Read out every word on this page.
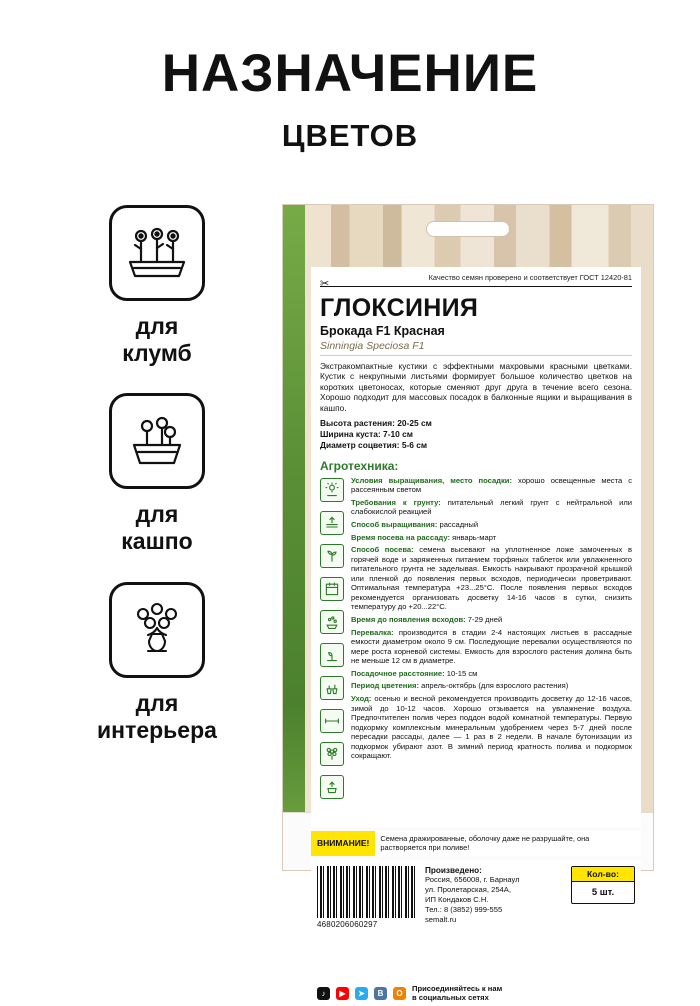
НАЗНАЧЕНИЕ
ЦВЕТОВ
для
клумб
для
кашпо
для
интерьера
Качество семян проверено и соответствует ГОСТ 12420-81
✂
ГЛОКСИНИЯ
Брокада F1 Красная
Sinningia Speciosa F1
Экстракомпактные кустики с эффектными махровыми красными цветками. Кустик с некрупными листьями формирует большое количество цветков на коротких цветоносах, которые сменяют друг друга в течение всего сезона. Хорошо подходит для массовых посадок в балконные ящики и выращивания в кашпо.
Высота растения: 20-25 см
Ширина куста: 7-10 см
Диаметр соцветия: 5-6 см
Агротехника:

Условия выращивания, место посадки: хорошо освещенные места с рассеянным светом

Требования к грунту: питательный легкий грунт с нейтральной или слабокислой реакцией

Способ выращивания: рассадный

Время посева на рассаду: январь-март

Способ посева: семена высевают на уплотненное ложе замоченных в горячей воде и заряженных питанием торфяных таблеток или увлажненного питательного грунта не заделывая. Емкость накрывают прозрачной крышкой или пленкой до появления первых всходов, периодически проветривают. Оптимальная температура +23...25°C. После появления первых всходов рекомендуется организовать досветку 14-16 часов в сутки, снизить температуру до +20...22°C.

Время до появления всходов: 7-29 дней

Перевалка: производится в стадии 2-4 настоящих листьев в рассадные емкости диаметром около 9 см. Последующие перевалки осуществляются по мере роста корневой системы. Емкость для взрослого растения должна быть не меньше 12 см в диаметре.

Посадочное расстояние: 10-15 см

Период цветения: апрель-октябрь (для взрослого растения)

Уход: осенью и весной рекомендуется производить досветку до 12-16 часов, зимой до 10-12 часов. Хорошо отзывается на увлажнение воздуха. Предпочтителен полив через поддон водой комнатной температуры. Первую подкормку комплексным минеральным удобрением через 5-7 дней после пересадки рассады, далее — 1 раз в 2 недели. В начале бутонизации из подкормок убирают азот. В зимний период кратность полива и подкормок сокращают.

ВНИМАНИЕ!	Семена дражированные, оболочку даже не разрушайте, она растворяется при поливе!
4680206060297
Произведено:

Россия, 656008, г. Барнаул

ул. Пролетарская, 254А,

ИП Кондаков С.Н.

Тел.: 8 (3852) 999-555

semalt.ru

Кол-во:
5 шт.
♪	▶	➤	B	O
Присоединяйтесь к нам
в социальных сетях
